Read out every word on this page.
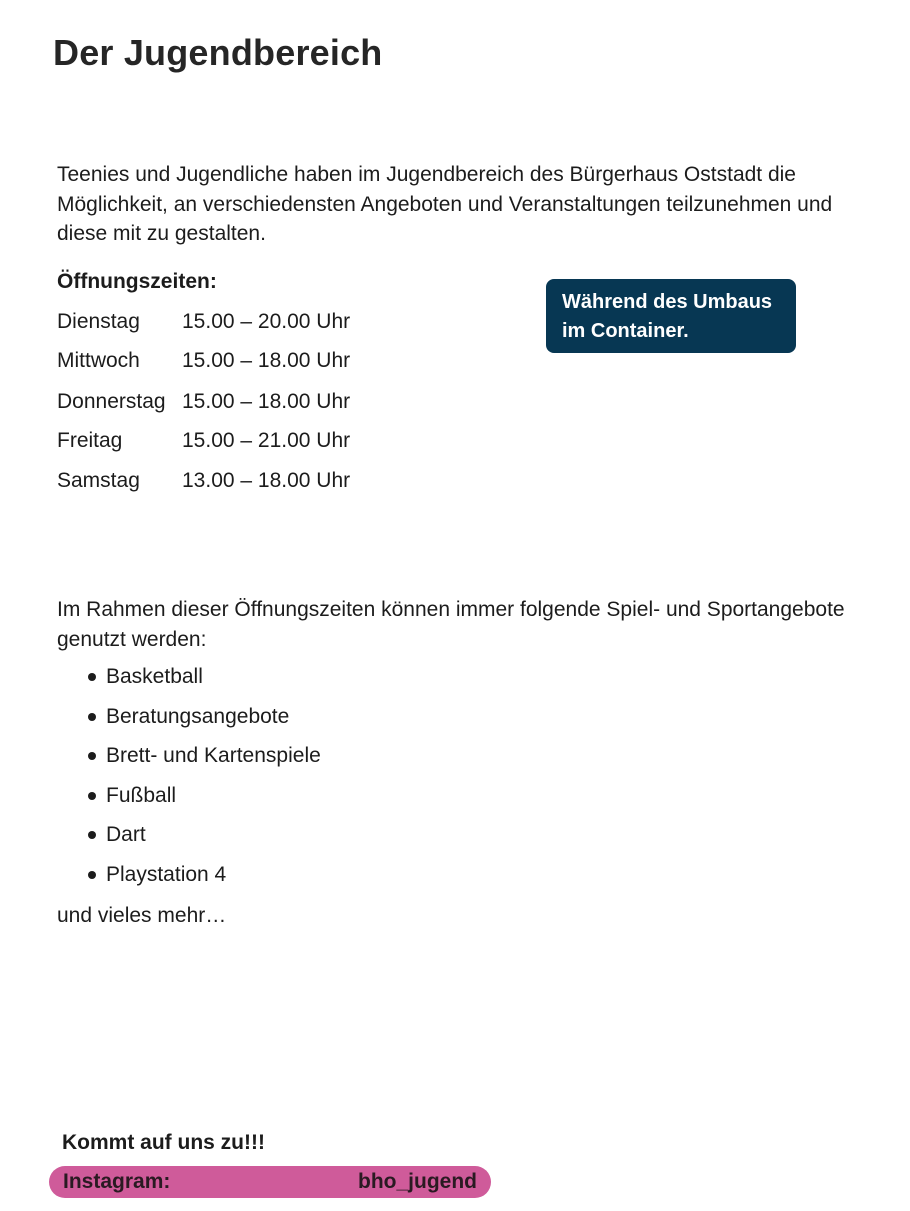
Der Jugendbereich

Teenies und Jugendliche haben im Jugendbereich des Bürgerhaus Oststadt die Möglichkeit, an verschiedensten Angeboten und Veranstaltungen teilzunehmen und diese mit zu gestalten.

Öffnungszeiten:
Dienstag	15.00 – 20.00 Uhr
Mittwoch	15.00 – 18.00 Uhr
Donnerstag 15.00 – 18.00 Uhr
Freitag	15.00 – 21.00 Uhr
Samstag	13.00 – 18.00 Uhr
Während des Umbaus
im Container.

Im Rahmen dieser Öffnungszeiten können immer folgende Spiel- und Sportangebote genutzt werden:

Basketball
Beratungsangebote
Brett- und Kartenspiele
Fußball
Dart
Playstation 4
und vieles mehr…
Kommt auf uns zu!!!
Instagram:	bho_jugend
